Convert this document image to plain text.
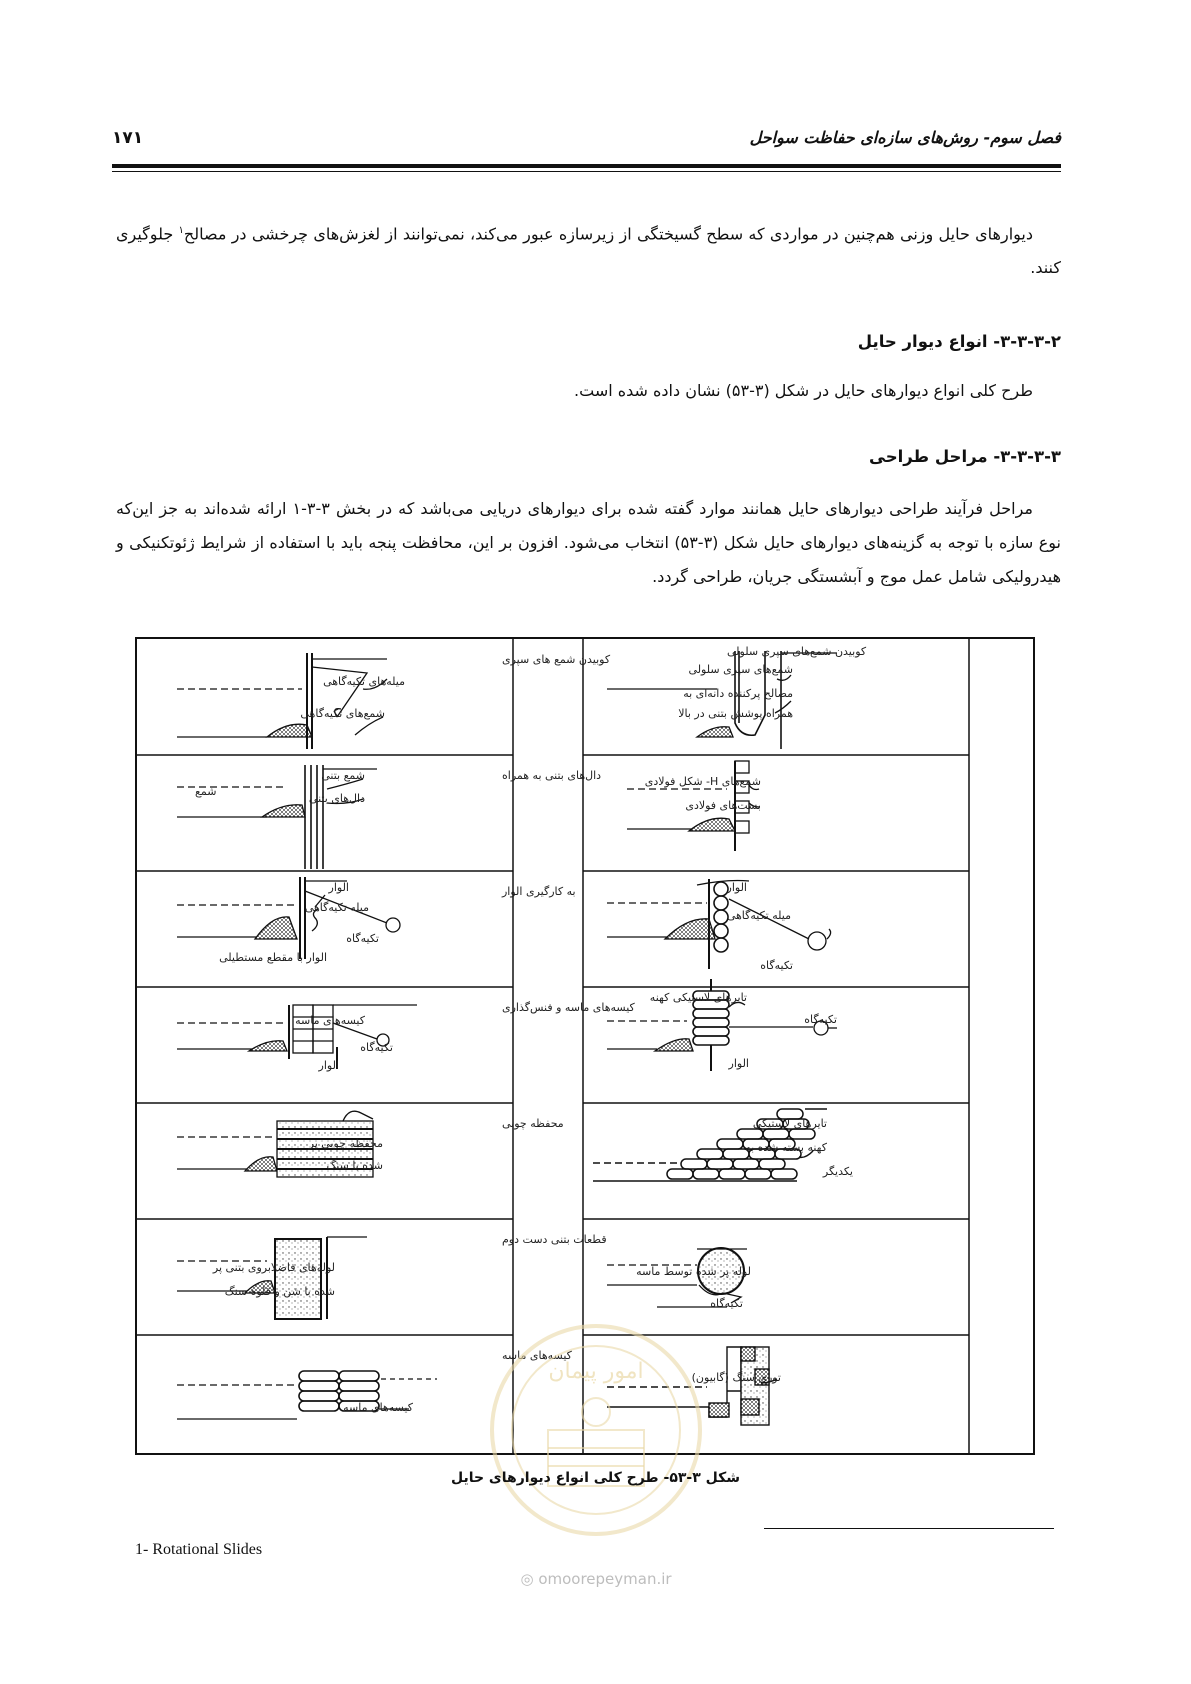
۱۷۱	فصل سوم- روش‌های سازه‌ای حفاظت سواحل
دیوارهای حایل وزنی هم‌چنین در مواردی که سطح گسیختگی از زیرسازه عبور می‌کند، نمی‌توانند از لغزش‌های چرخشی در مصالح$^۱$ جلوگیری کنند.
۳-۳-۳-۲- انواع دیوار حایل
طرح کلی انواع دیوارهای حایل در شکل (۳-۵۳) نشان داده شده است.
۳-۳-۳-۳- مراحل طراحی
مراحل فرآیند طراحی دیوارهای حایل همانند موارد گفته شده برای دیوارهای دریایی می‌باشد که در بخش ۳-۳-۱ ارائه شده‌اند به جز این‌که نوع سازه با توجه به گزینه‌های دیوارهای حایل شکل (۳-۵۳) انتخاب می‌شود. افزون بر این، محافظت پنجه باید با استفاده از شرایط ژئوتکنیکی و هیدرولیکی شامل عمل موج و آبشستگی جریان، طراحی گردد.
کوبیدن شمع های سپری
میله‌های تکیه‌گاهی
شمع‌های تکیه‌گاهی
دال‌های بتنی به همراه
شمع
شمع بتنی
دال‌های بتنی
به کارگیری الوار
الوار
میله تکیه‌گاهی
تکیه‌گاه
الوار با مقطع مستطیلی
کیسه‌های ماسه و فنس‌گذاری
کیسه‌های ماسه
تکیه‌گاه
الوار
محفظه چوبی
محفظه چوبی پر
شده با سنگ
قطعات بتنی دست دوم
لوله‌های فاضلابروی بتنی پر
شده با شن و قلوه سنگ
کیسه‌های ماسه
کیسه‌های ماسه
کوبیدن شمع‌های سپری سلولی
شمع‌های سپری سلولی
مصالح پرکننده دانه‌ای به
همراه پوشش بتنی در بالا
شمع‌های H- شکل فولادی
بست‌های فولادی
الوار
میله تکیه‌گاهی
تکیه‌گاه
تایرهای لاستیکی کهنه
تکیه‌گاه
الوار
تایرهای لاستیکی
کهنه بسته شده به
یکدیگر
لوله پر شده توسط ماسه
تکیه‌گاه
توری سنگ (گابیون)
امور پیمان
شکل ۳-۵۳- طرح کلی انواع دیوارهای حایل
1- Rotational Slides
◎ omoorepeyman.ir
